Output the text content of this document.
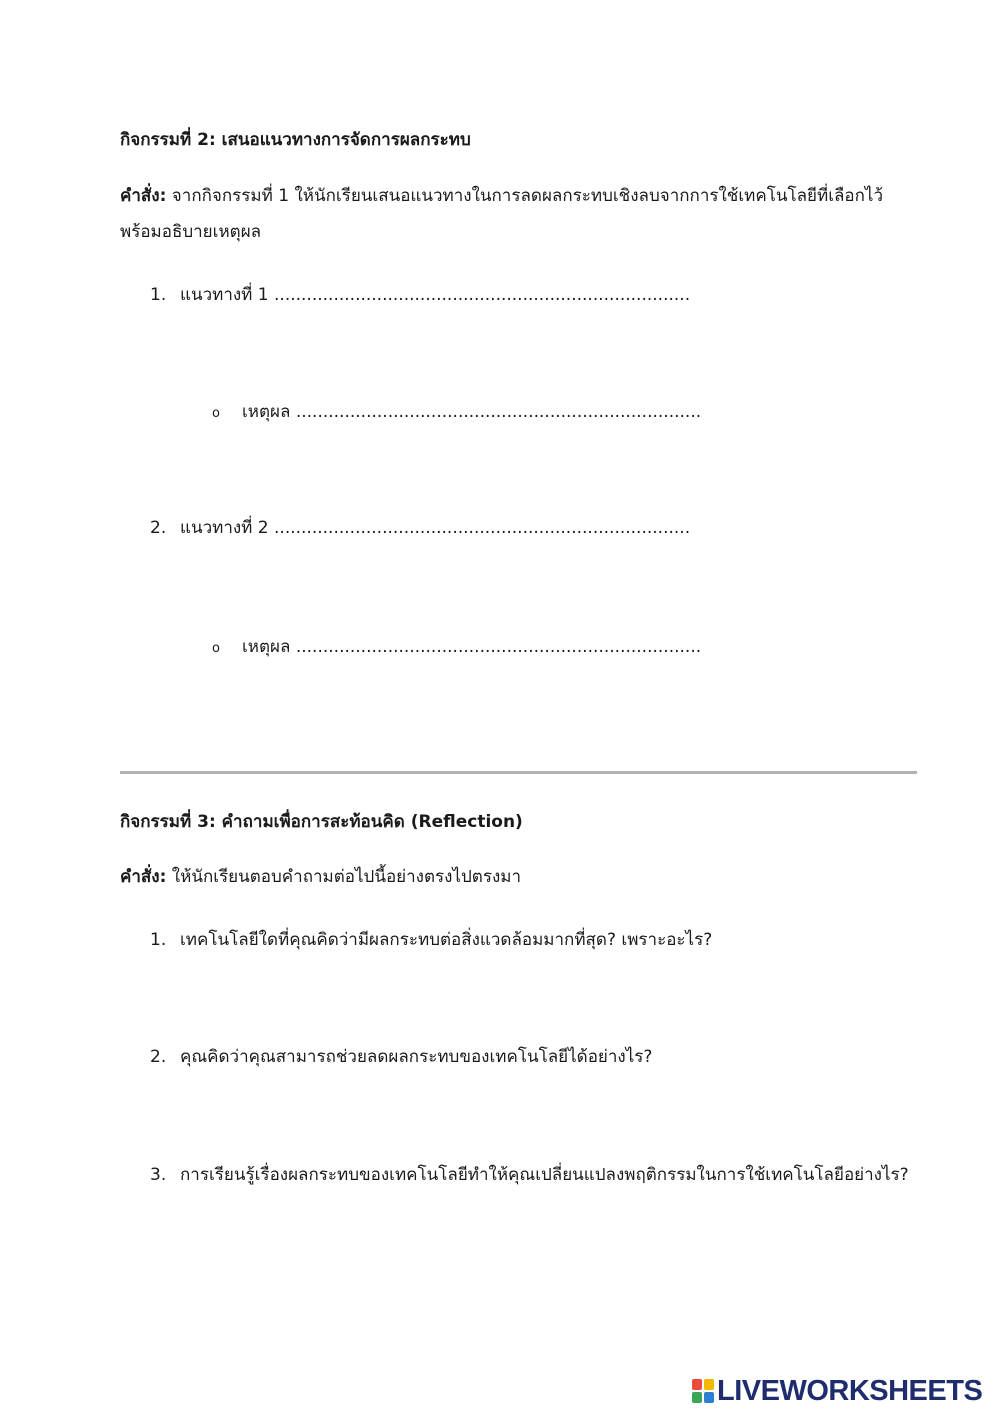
กิจกรรมที่ 2: เสนอแนวทางการจัดการผลกระทบ
คำสั่ง: จากกิจกรรมที่ 1 ให้นักเรียนเสนอแนวทางในการลดผลกระทบเชิงลบจากการใช้เทคโนโลยีที่เลือกไว้ พร้อมอธิบายเหตุผล
1. แนวทางที่ 1 .............................................................................
o เหตุผล ...........................................................................
2. แนวทางที่ 2 .............................................................................
o เหตุผล ...........................................................................
กิจกรรมที่ 3: คำถามเพื่อการสะท้อนคิด (Reflection)
คำสั่ง: ให้นักเรียนตอบคำถามต่อไปนี้อย่างตรงไปตรงมา
1. เทคโนโลยีใดที่คุณคิดว่ามีผลกระทบต่อสิ่งแวดล้อมมากที่สุด? เพราะอะไร?
2. คุณคิดว่าคุณสามารถช่วยลดผลกระทบของเทคโนโลยีได้อย่างไร?
3. การเรียนรู้เรื่องผลกระทบของเทคโนโลยีทำให้คุณเปลี่ยนแปลงพฤติกรรมในการใช้เทคโนโลยีอย่างไร?
LIVEWORKSHEETS
